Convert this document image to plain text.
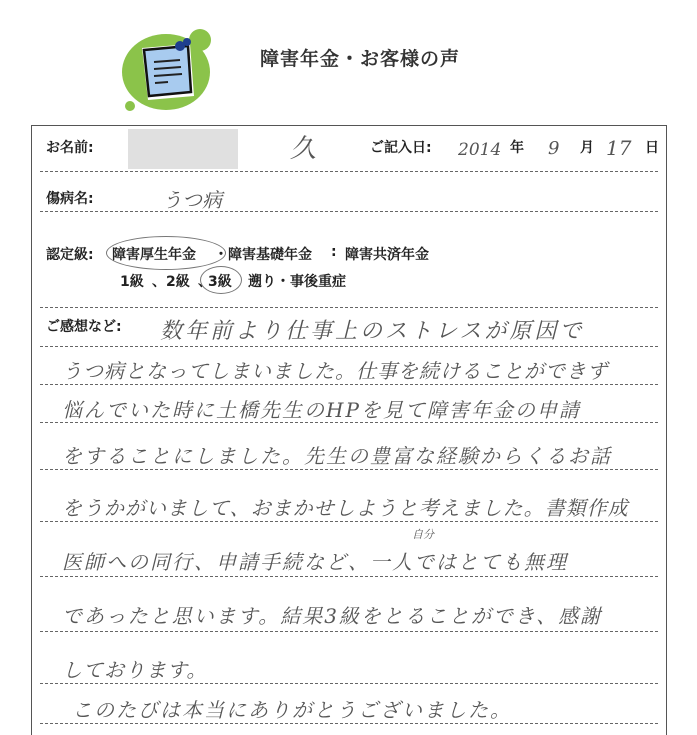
障害年金・お客様の声
お名前:	久	ご記入日: 2014 年 9 月 17 日
傷病名:	うつ病
認定級: 障害厚生年金 ・ 障害基礎年金 : 障害共済年金
1級 、 2級 、
3級 遡り・事後重症
ご感想など: 数年前より仕事上のストレスが原因で
うつ病となってしまいました。仕事を続けることができず
悩んでいた時に土橋先生のHPを見て障害年金の申請
をすることにしました。先生の豊富な経験からくるお話
をうかがいまして、おまかせしようと考えました。書類作成
自分
医師への同行、申請手続など、一人ではとても無理
であったと思います。結果3級をとることができ、感謝
しております。
このたびは本当にありがとうございました。
